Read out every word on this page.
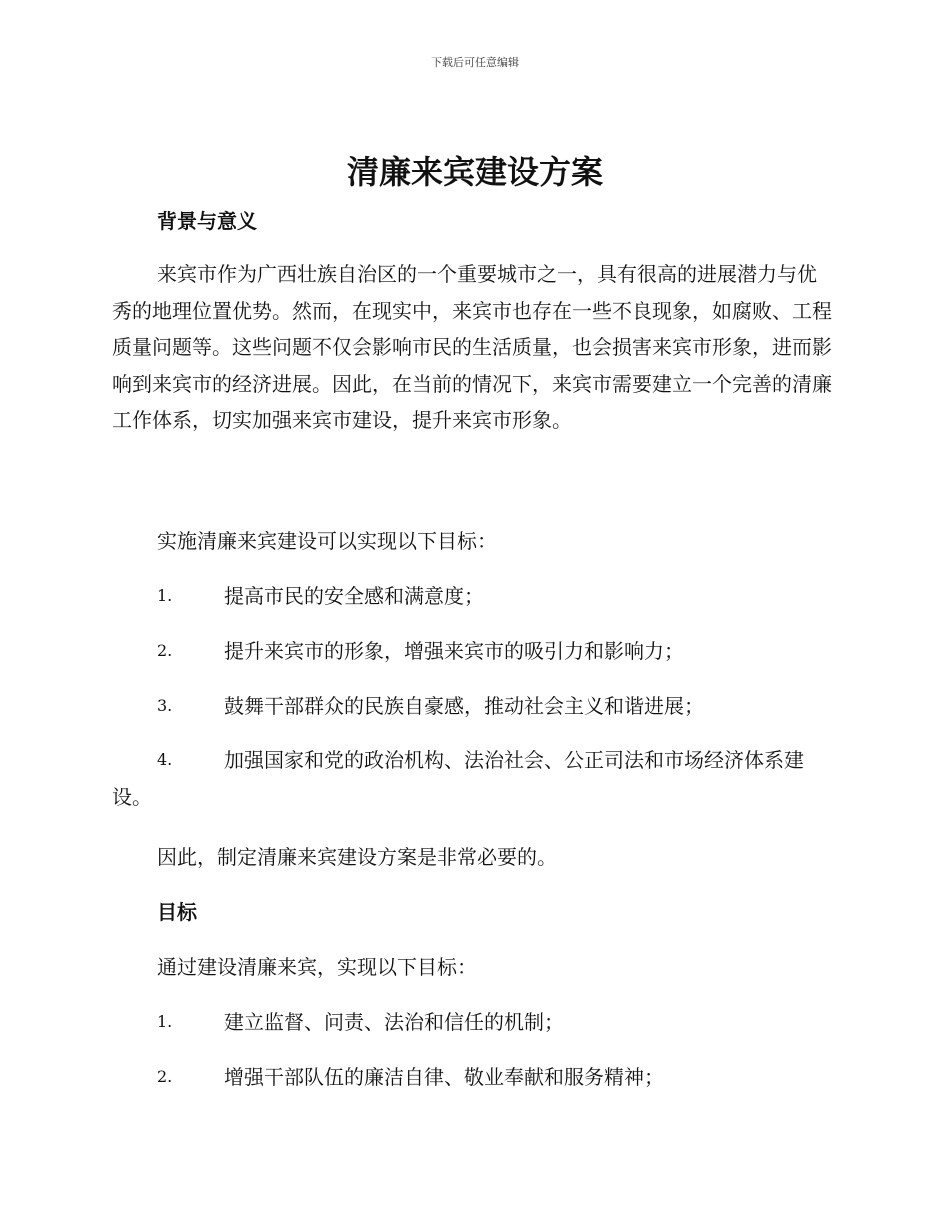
下载后可任意编辑
清廉来宾建设方案
背景与意义

来宾市作为广西壮族自治区的一个重要城市之一，具有很高的进展潜力与优秀的地理位置优势。然而，在现实中，来宾市也存在一些不良现象，如腐败、工程质量问题等。这些问题不仅会影响市民的生活质量，也会损害来宾市形象，进而影响到来宾市的经济进展。因此，在当前的情况下，来宾市需要建立一个完善的清廉工作体系，切实加强来宾市建设，提升来宾市形象。

实施清廉来宾建设可以实现以下目标：

1.	提高市民的安全感和满意度；
2.	提升来宾市的形象，增强来宾市的吸引力和影响力；
3.	鼓舞干部群众的民族自豪感，推动社会主义和谐进展；
4.	加强国家和党的政治机构、法治社会、公正司法和市场经济体系建设。

因此，制定清廉来宾建设方案是非常必要的。

目标

通过建设清廉来宾，实现以下目标：

1.	建立监督、问责、法治和信任的机制；
2.	增强干部队伍的廉洁自律、敬业奉献和服务精神；
